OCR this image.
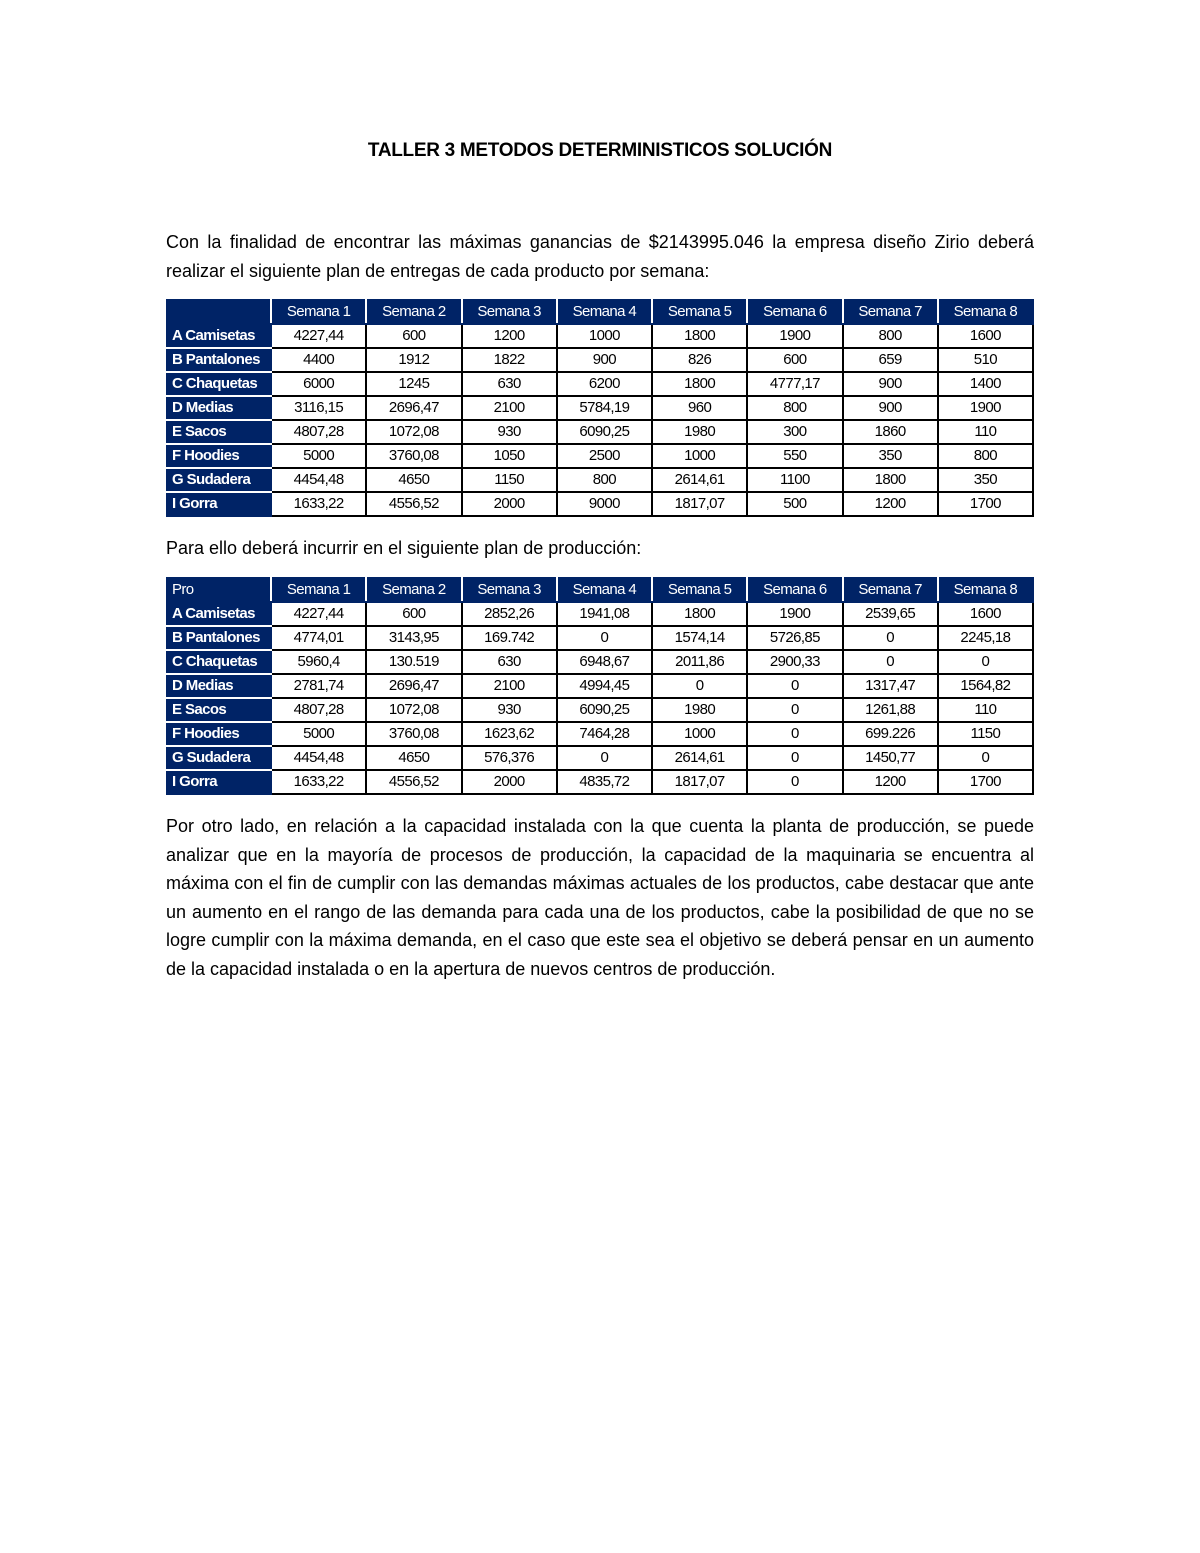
TALLER 3 METODOS DETERMINISTICOS SOLUCIÓN
Con la finalidad de encontrar las máximas ganancias de $2143995.046 la empresa diseño Zirio deberá realizar el siguiente plan de entregas de cada producto por semana:
	Semana 1	Semana 2	Semana 3	Semana 4	Semana 5	Semana 6	Semana 7	Semana 8
A Camisetas	4227,44	600	1200	1000	1800	1900	800	1600
B Pantalones	4400	1912	1822	900	826	600	659	510
C Chaquetas	6000	1245	630	6200	1800	4777,17	900	1400
D Medias	3116,15	2696,47	2100	5784,19	960	800	900	1900
E Sacos	4807,28	1072,08	930	6090,25	1980	300	1860	110
F Hoodies	5000	3760,08	1050	2500	1000	550	350	800
G Sudadera	4454,48	4650	1150	800	2614,61	1100	1800	350
I Gorra	1633,22	4556,52	2000	9000	1817,07	500	1200	1700
Para ello deberá incurrir en el siguiente plan de producción:
Pro	Semana 1	Semana 2	Semana 3	Semana 4	Semana 5	Semana 6	Semana 7	Semana 8
A Camisetas	4227,44	600	2852,26	1941,08	1800	1900	2539,65	1600
B Pantalones	4774,01	3143,95	169.742	0	1574,14	5726,85	0	2245,18
C Chaquetas	5960,4	130.519	630	6948,67	2011,86	2900,33	0	0
D Medias	2781,74	2696,47	2100	4994,45	0	0	1317,47	1564,82
E Sacos	4807,28	1072,08	930	6090,25	1980	0	1261,88	110
F Hoodies	5000	3760,08	1623,62	7464,28	1000	0	699.226	1150
G Sudadera	4454,48	4650	576,376	0	2614,61	0	1450,77	0
I Gorra	1633,22	4556,52	2000	4835,72	1817,07	0	1200	1700
Por otro lado, en relación a la capacidad instalada con la que cuenta la planta de producción, se puede analizar que en la mayoría de procesos de producción, la capacidad de la maquinaria se encuentra al máxima con el fin de cumplir con las demandas máximas actuales de los productos, cabe destacar que ante un aumento en el rango de las demanda para cada una de los productos, cabe la posibilidad de que no se logre cumplir con la máxima demanda, en el caso que este sea el objetivo se deberá pensar en un aumento de la capacidad instalada o en la apertura de nuevos centros de producción.
